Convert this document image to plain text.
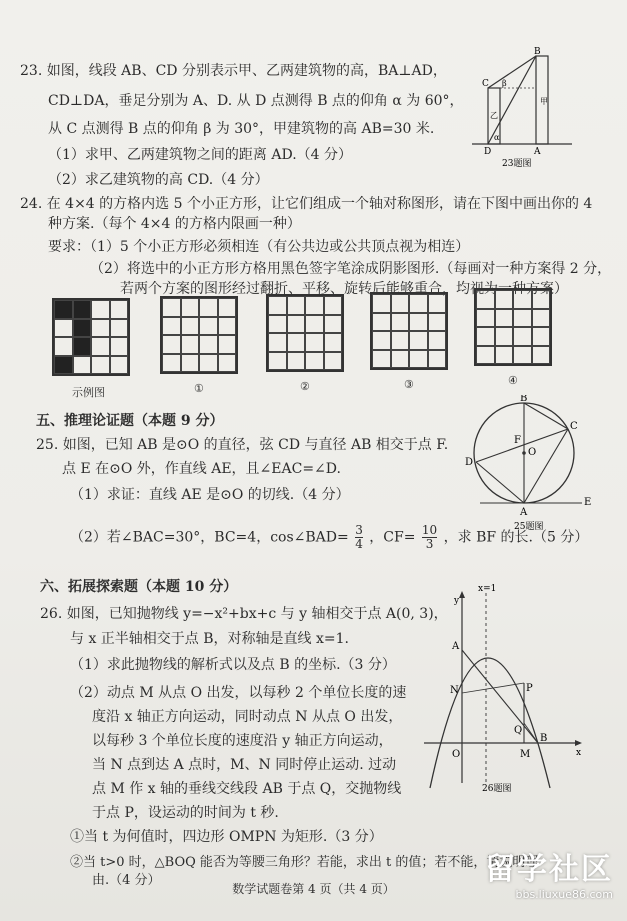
23. 如图，线段 AB、CD 分别表示甲、乙两建筑物的高，BA⊥AD，
CD⊥DA，垂足分别为 A、D. 从 D 点测得 B 点的仰角 α 为 60°，
从 C 点测得 B 点的仰角 β 为 30°，甲建筑物的高 AB=30 米.
（1）求甲、乙两建筑物之间的距离 AD.（4 分）
（2）求乙建筑物的高 CD.（4 分）
C
B
β
乙
甲
α
D	A
23题图
24. 在 4×4 的方格内选 5 个小正方形，让它们组成一个轴对称图形，请在下图中画出你的 4
种方案.（每个 4×4 的方格内限画一种）
要求：（1）5 个小正方形必须相连（有公共边或公共顶点视为相连）
（2）将选中的小正方形方格用黑色签字笔涂成阴影图形.（每画对一种方案得 2 分，
若两个方案的图形经过翻折、平移、旋转后能够重合，均视为一种方案）
示例图	①	②	③	④
五、推理论证题（本题 9 分）
25. 如图，已知 AB 是⊙O 的直径，弦 CD 与直径 AB 相交于点 F.
点 E 在⊙O 外，作直线 AE，且∠EAC=∠D.
（1）求证：直线 AE 是⊙O 的切线.（4 分）
（2）若∠BAC=30°，BC=4，cos∠BAD= $\frac{3}{4}$ ，$CF= \frac{10}{3}$ ，求 BF 的长.（5 分）
B
C
F
O
D
A
E
25题图
六、拓展探索题（本题 10 分）
26. 如图，已知抛物线 y=−x²+bx+c 与 y 轴相交于点 A(0, 3)，
与 x 正半轴相交于点 B，对称轴是直线 x=1.
（1）求此抛物线的解析式以及点 B 的坐标.（3 分）
（2）动点 M 从点 O 出发，以每秒 2 个单位长度的速
度沿 x 轴正方向运动，同时动点 N 从点 O 出发，
以每秒 3 个单位长度的速度沿 y 轴正方向运动，
当 N 点到达 A 点时，M、N 同时停止运动. 过动
点 M 作 x 轴的垂线交线段 AB 于点 Q，交抛物线
于点 P，设运动的时间为 t 秒.
①当 t 为何值时，四边形 OMPN 为矩形.（3 分）
②当 t>0 时，△BOQ 能否为等腰三角形？若能，求出 t 的值；若不能，请说明理
由.（4 分）
x=1
y
A
N	P
Q
B
O	M	x
26题图
数学试题卷第 4 页（共 4 页）
留学社区
bbs.liuxue86.com
